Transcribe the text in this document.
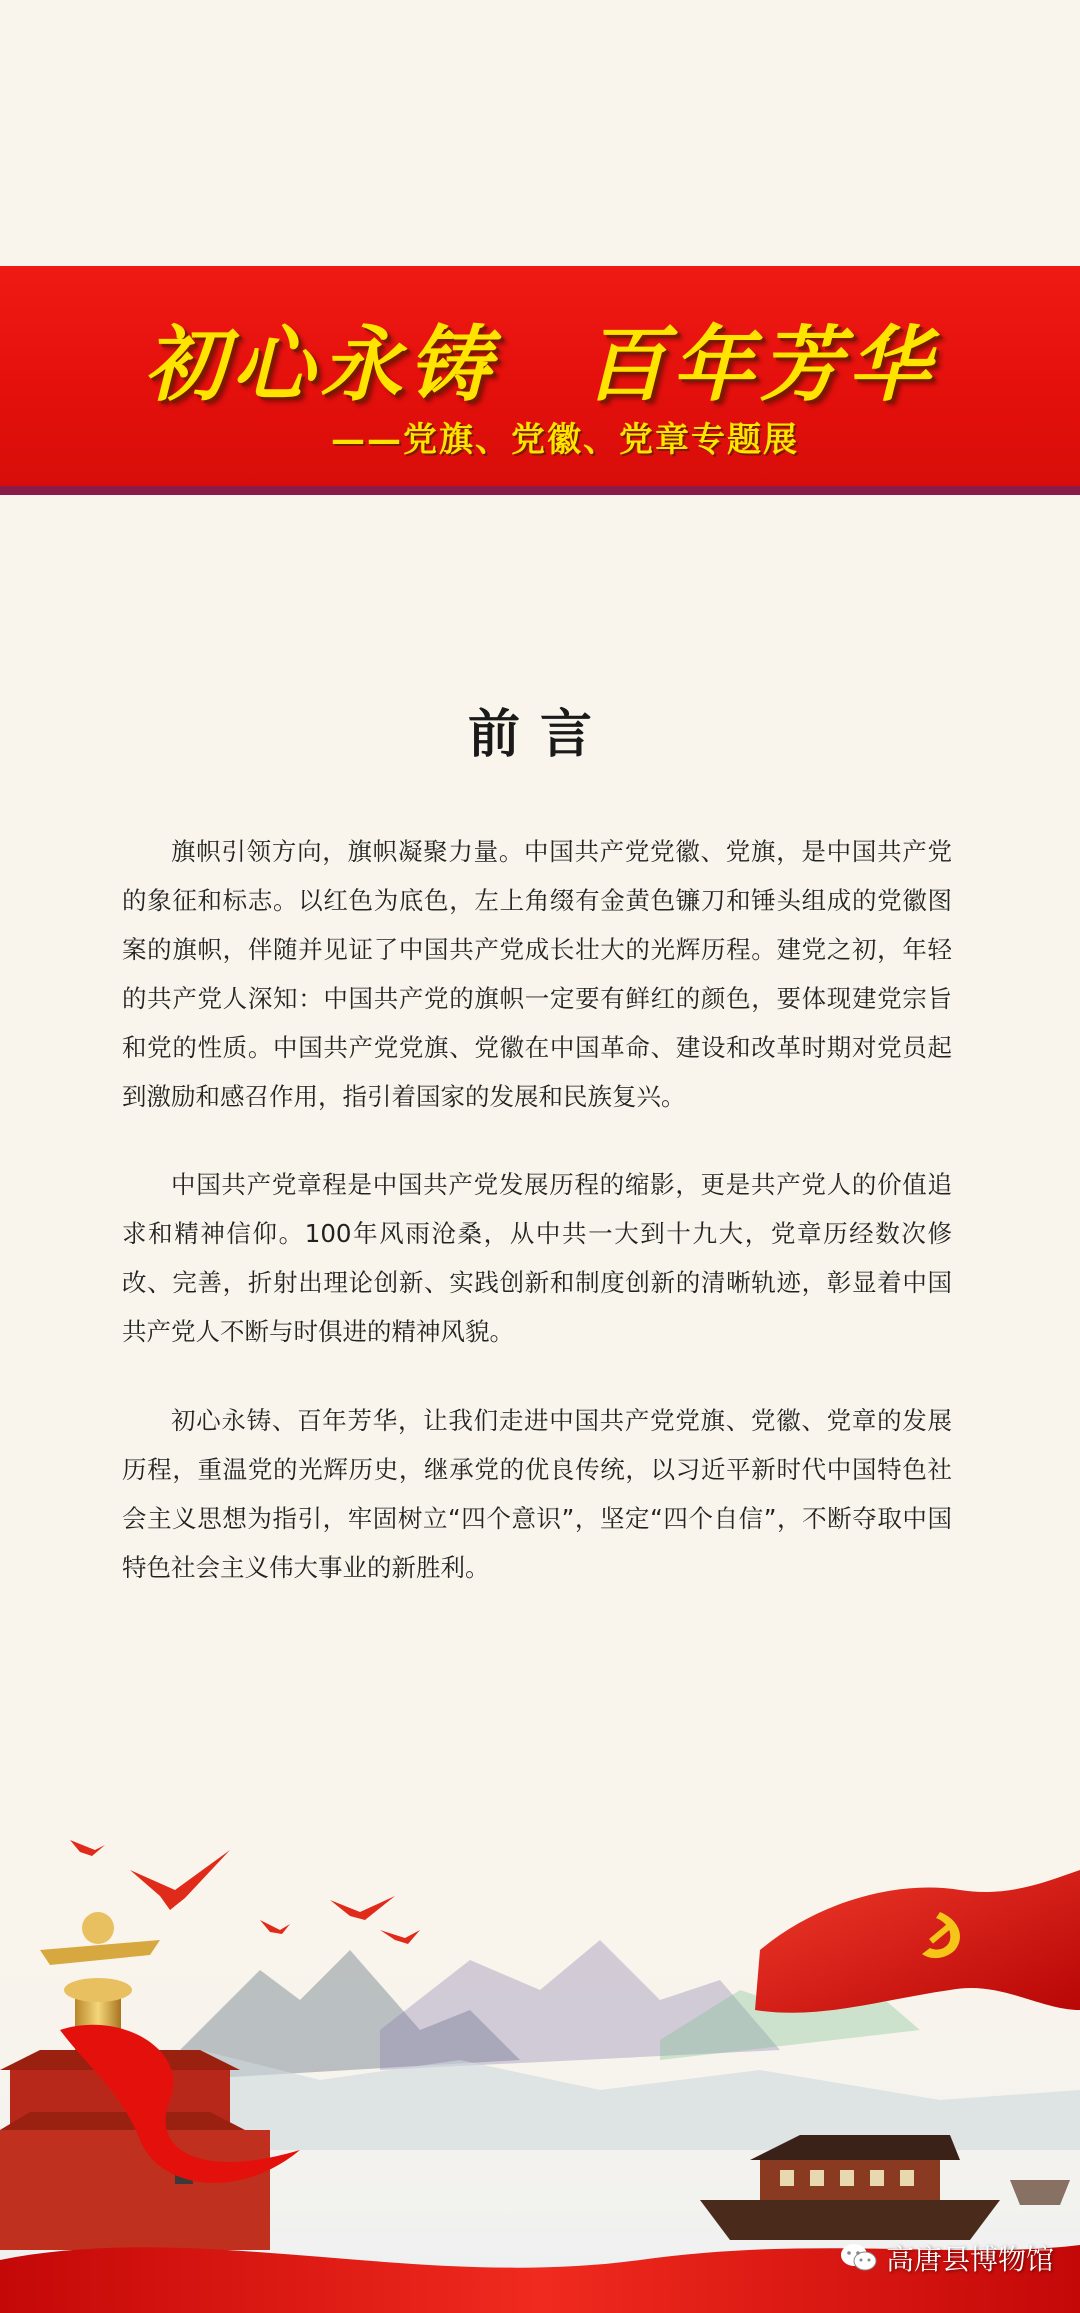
初心永铸　百年芳华
——党旗、党徽、党章专题展
前言

旗帜引领方向，旗帜凝聚力量。中国共产党党徽、党旗，是中国共产党的象征和标志。以红色为底色，左上角缀有金黄色镰刀和锤头组成的党徽图案的旗帜，伴随并见证了中国共产党成长壮大的光辉历程。建党之初，年轻的共产党人深知：中国共产党的旗帜一定要有鲜红的颜色，要体现建党宗旨和党的性质。中国共产党党旗、党徽在中国革命、建设和改革时期对党员起到激励和感召作用，指引着国家的发展和民族复兴。

中国共产党章程是中国共产党发展历程的缩影，更是共产党人的价值追求和精神信仰。100年风雨沧桑，从中共一大到十九大，党章历经数次修改、完善，折射出理论创新、实践创新和制度创新的清晰轨迹，彰显着中国共产党人不断与时俱进的精神风貌。

初心永铸、百年芳华，让我们走进中国共产党党旗、党徽、党章的发展历程，重温党的光辉历史，继承党的优良传统，以习近平新时代中国特色社会主义思想为指引，牢固树立“四个意识”，坚定“四个自信”，不断夺取中国特色社会主义伟大事业的新胜利。

高唐县博物馆
